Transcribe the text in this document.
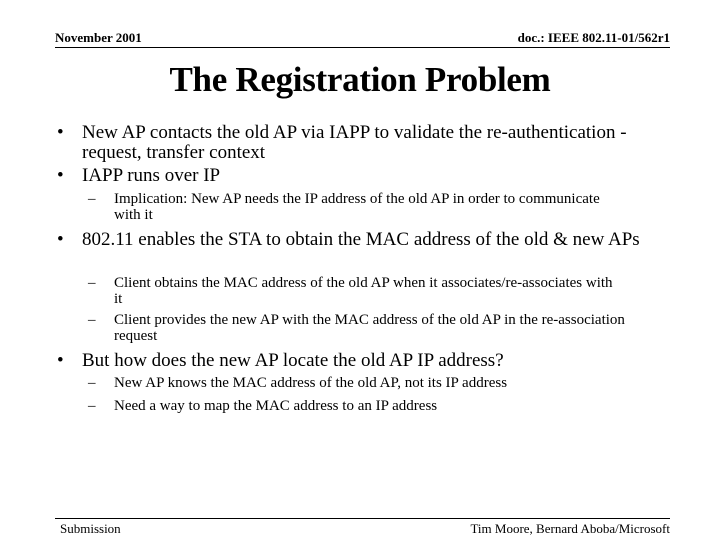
November 2001	doc.: IEEE 802.11-01/562r1
The Registration Problem
• New AP contacts the old AP via IAPP to validate the re-authentication -request, transfer context
• IAPP runs over IP
– Implication: New AP needs the IP address of the old AP in order to communicate with it
• 802.11 enables the STA to obtain the MAC address of the old & new APs
– Client obtains the MAC address of the old AP when it associates/re-associates with it
– Client provides the new AP with the MAC address of the old AP in the re-association request
• But how does the new AP locate the old AP IP address?
– New AP knows the MAC address of the old AP, not its IP address
– Need a way to map the MAC address to an IP address
Submission	Tim Moore, Bernard Aboba/Microsoft
